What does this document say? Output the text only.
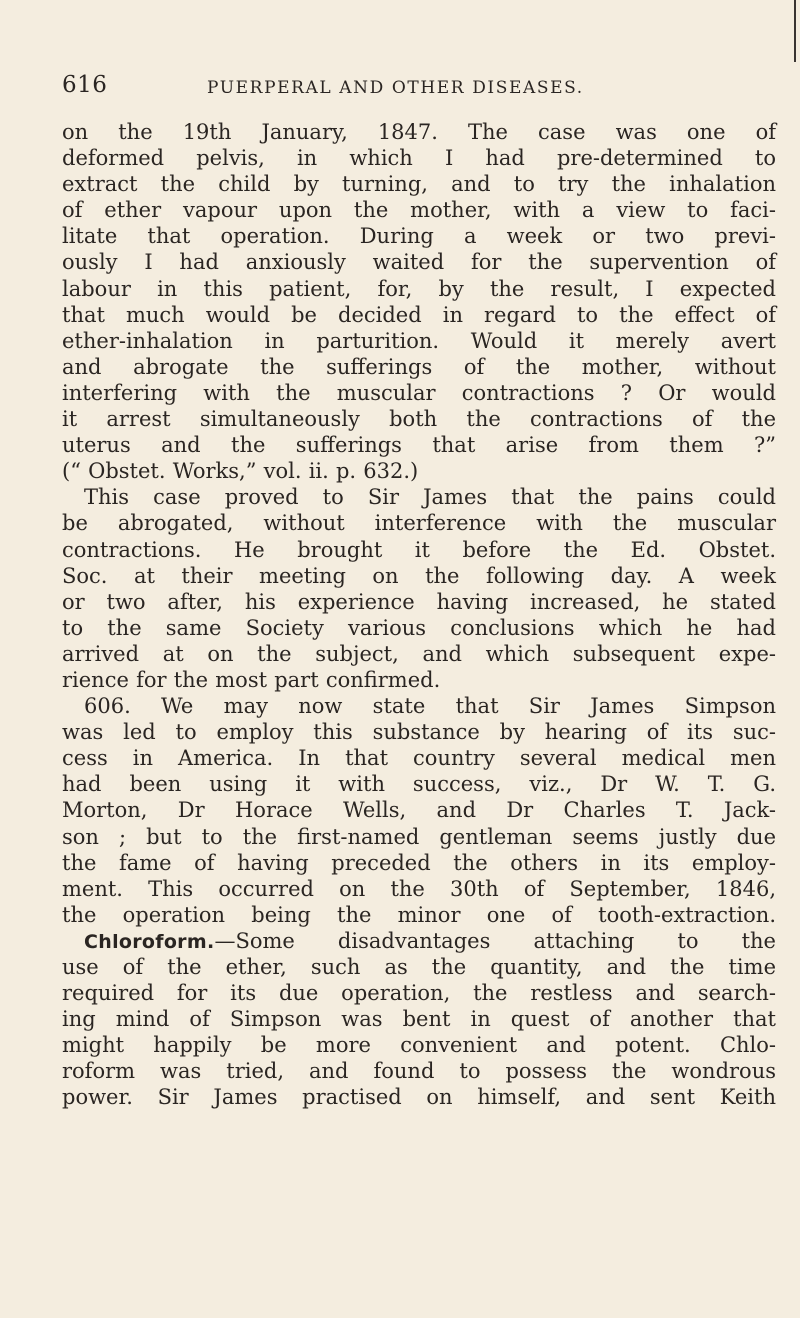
616	PUERPERAL AND OTHER DISEASES.
on the 19th January, 1847. The case was one of
deformed pelvis, in which I had pre-determined to
extract the child by turning, and to try the inhalation
of ether vapour upon the mother, with a view to faci-
litate that operation. During a week or two previ-
ously I had anxiously waited for the supervention of
labour in this patient, for, by the result, I expected
that much would be decided in regard to the effect of
ether-inhalation in parturition. Would it merely avert
and abrogate the sufferings of the mother, without
interfering with the muscular contractions ? Or would
it arrest simultaneously both the contractions of the
uterus and the sufferings that arise from them ?”
(“ Obstet. Works,” vol. ii. p. 632.)
This case proved to Sir James that the pains could
be abrogated, without interference with the muscular
contractions. He brought it before the Ed. Obstet.
Soc. at their meeting on the following day. A week
or two after, his experience having increased, he stated
to the same Society various conclusions which he had
arrived at on the subject, and which subsequent expe-
rience for the most part confirmed.
606. We may now state that Sir James Simpson
was led to employ this substance by hearing of its suc-
cess in America. In that country several medical men
had been using it with success, viz., Dr W. T. G.
Morton, Dr Horace Wells, and Dr Charles T. Jack-
son ; but to the first-named gentleman seems justly due
the fame of having preceded the others in its employ-
ment. This occurred on the 30th of September, 1846,
the operation being the minor one of tooth-extraction.
Chloroform.—Some disadvantages attaching to the
use of the ether, such as the quantity, and the time
required for its due operation, the restless and search-
ing mind of Simpson was bent in quest of another that
might happily be more convenient and potent. Chlo-
roform was tried, and found to possess the wondrous
power. Sir James practised on himself, and sent Keith
